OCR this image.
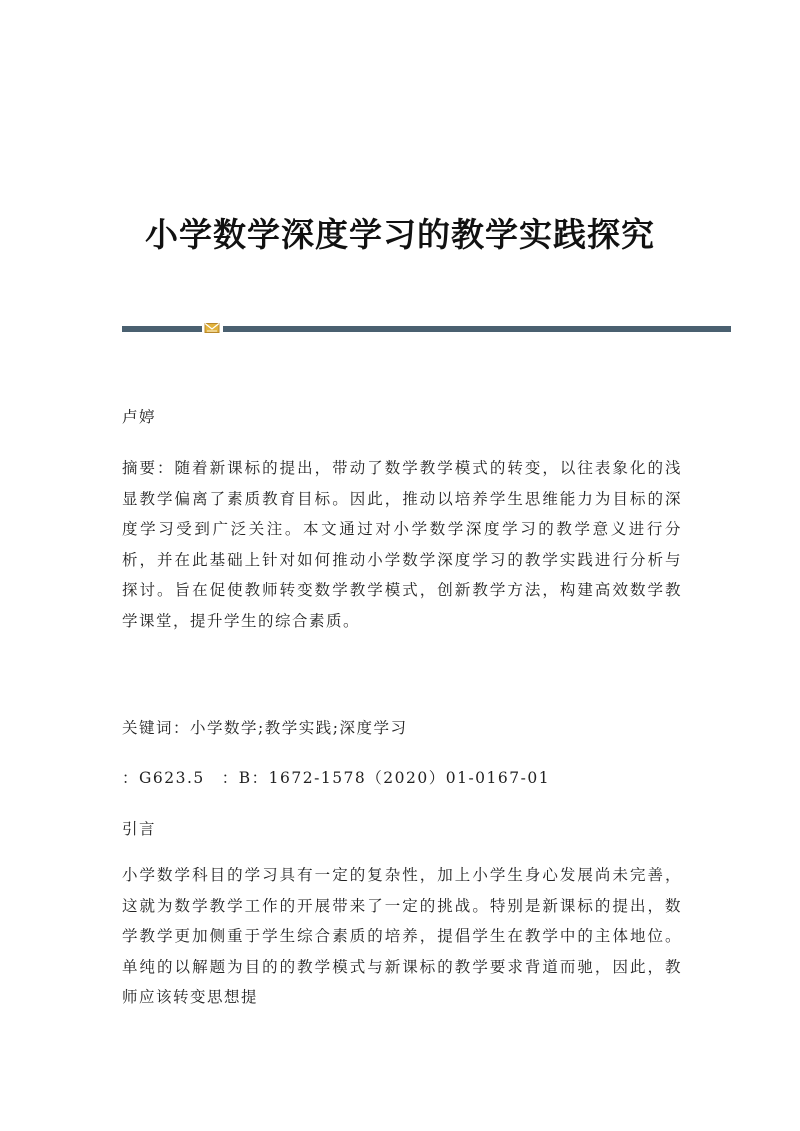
小学数学深度学习的教学实践探究

卢婷

摘要：随着新课标的提出，带动了数学教学模式的转变，以往表象化的浅显教学偏离了素质教育目标。因此，推动以培养学生思维能力为目标的深度学习受到广泛关注。本文通过对小学数学深度学习的教学意义进行分析，并在此基础上针对如何推动小学数学深度学习的教学实践进行分析与探讨。旨在促使教师转变数学教学模式，创新教学方法，构建高效数学教学课堂，提升学生的综合素质。

关键词：小学数学;教学实践;深度学习

：G623.5　：B：1672-1578（2020）01-0167-01

引言

小学数学科目的学习具有一定的复杂性，加上小学生身心发展尚未完善，这就为数学教学工作的开展带来了一定的挑战。特别是新课标的提出，数学教学更加侧重于学生综合素质的培养，提倡学生在教学中的主体地位。单纯的以解题为目的的教学模式与新课标的教学要求背道而驰，因此，教师应该转变思想提
